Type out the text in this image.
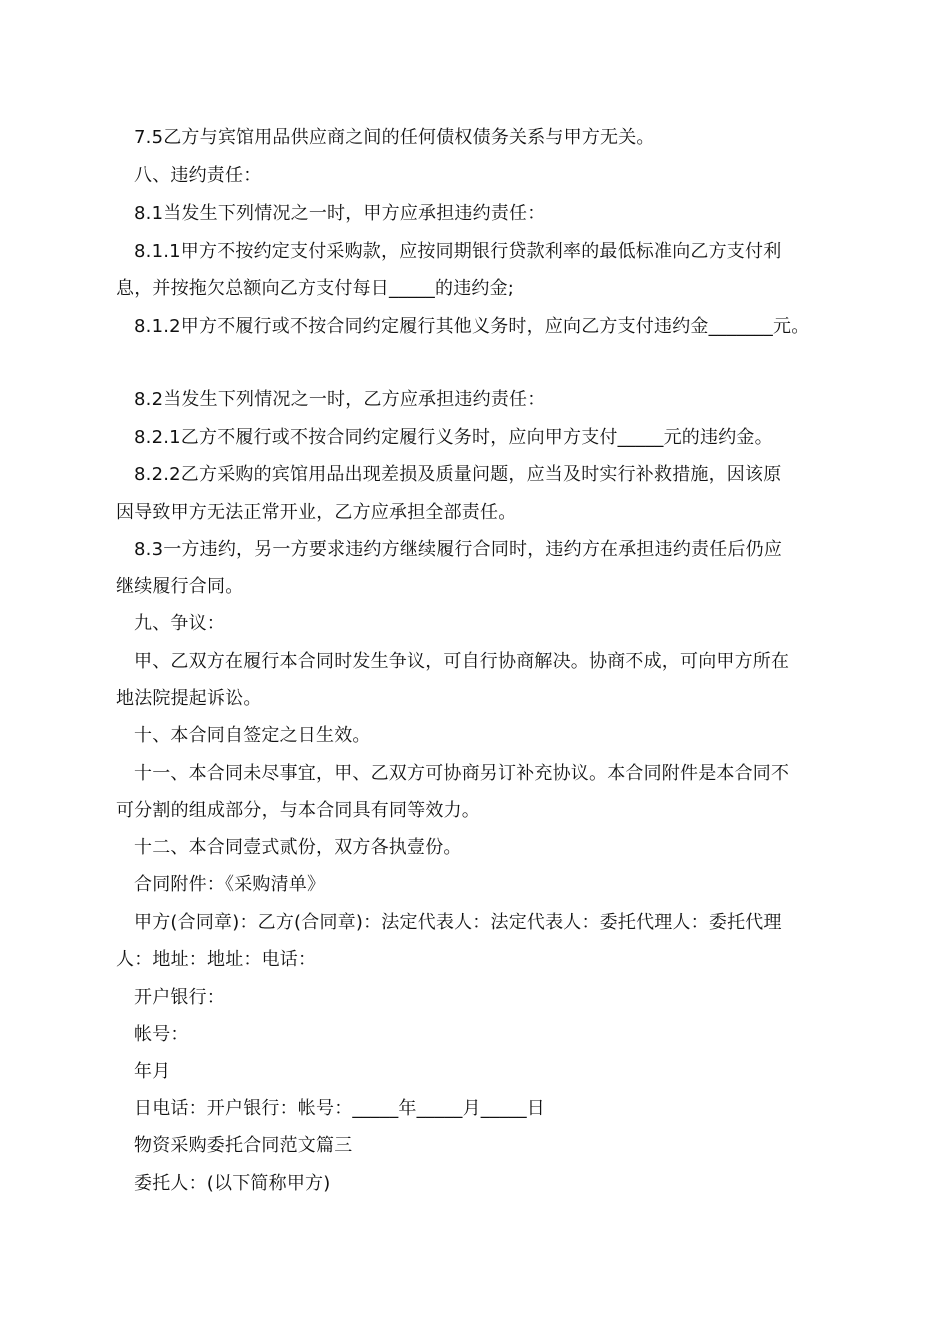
7.5乙方与宾馆用品供应商之间的任何债权债务关系与甲方无关。
八、违约责任：
8.1当发生下列情况之一时，甲方应承担违约责任：
8.1.1甲方不按约定支付采购款，应按同期银行贷款利率的最低标准向乙方支付利
息，并按拖欠总额向乙方支付每日_____的违约金;
8.1.2甲方不履行或不按合同约定履行其他义务时，应向乙方支付违约金_______元。
8.2当发生下列情况之一时，乙方应承担违约责任：
8.2.1乙方不履行或不按合同约定履行义务时，应向甲方支付_____元的违约金。
8.2.2乙方采购的宾馆用品出现差损及质量问题，应当及时实行补救措施，因该原
因导致甲方无法正常开业，乙方应承担全部责任。
8.3一方违约，另一方要求违约方继续履行合同时，违约方在承担违约责任后仍应
继续履行合同。
九、争议：
甲、乙双方在履行本合同时发生争议，可自行协商解决。协商不成，可向甲方所在
地法院提起诉讼。
十、本合同自签定之日生效。
十一、本合同未尽事宜，甲、乙双方可协商另订补充协议。本合同附件是本合同不
可分割的组成部分，与本合同具有同等效力。
十二、本合同壹式贰份，双方各执壹份。
合同附件：《采购清单》
甲方(合同章)：乙方(合同章)：法定代表人：法定代表人：委托代理人：委托代理
人：地址：地址：电话：
开户银行：
帐号：
年月
日电话：开户银行：帐号：_____年_____月_____日
物资采购委托合同范文篇三
委托人：(以下简称甲方)
